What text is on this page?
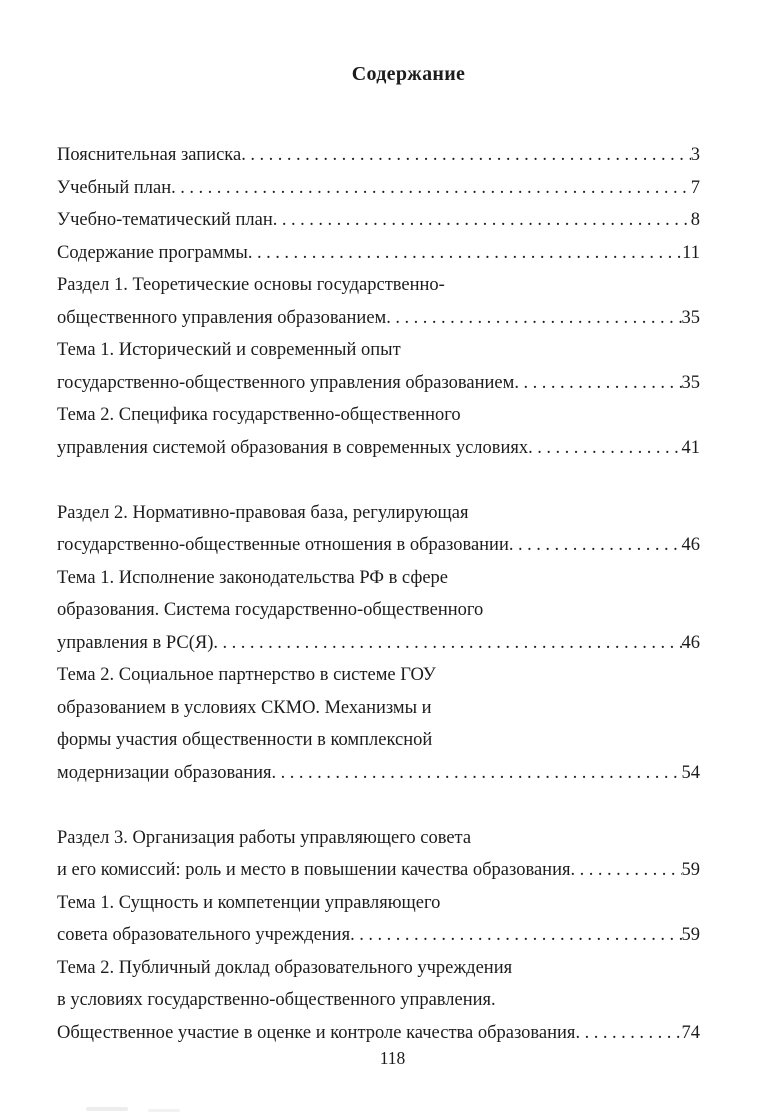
Содержание
Пояснительная записка .....	3
Учебный план .....	7
Учебно-тематический план .....	8
Содержание программы .....	11
Раздел 1. Теоретические основы государственно-
общественного управления образованием .....	35
Тема 1. Исторический и современный опыт
государственно-общественного управления образованием .....	35
Тема 2. Специфика государственно-общественного
управления системой образования в современных условиях .....	41
Раздел 2. Нормативно-правовая база, регулирующая
государственно-общественные отношения в образовании .....	46
Тема 1. Исполнение законодательства РФ в сфере
образования. Система государственно-общественного
управления в РС(Я) .....	46
Тема 2. Социальное партнерство в системе ГОУ
образованием в условиях СКМО. Механизмы и
формы участия общественности в комплексной
модернизации образования .....	54
Раздел 3. Организация работы управляющего совета
и его комиссий: роль и место в повышении качества образования .....	59
Тема 1. Сущность и компетенции управляющего
совета образовательного учреждения .....	59
Тема 2. Публичный доклад образовательного учреждения
в условиях государственно-общественного управления.
Общественное участие в оценке и контроле качества образования .....	74
118
